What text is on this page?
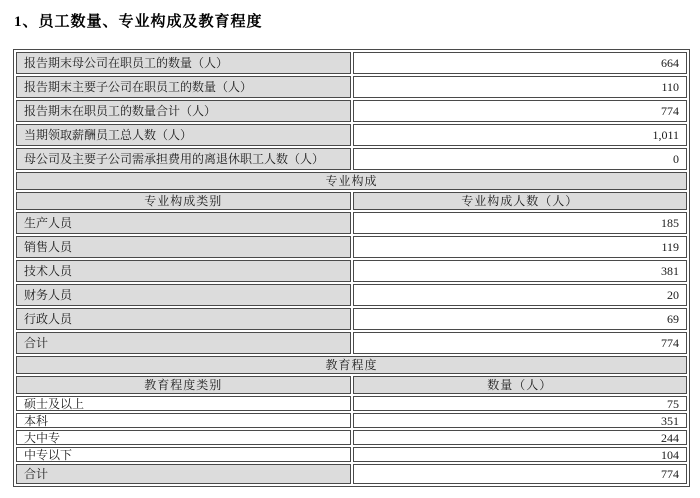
1、员工数量、专业构成及教育程度
报告期末母公司在职员工的数量（人）	664
报告期末主要子公司在职员工的数量（人）	110
报告期末在职员工的数量合计（人）	774
当期领取薪酬员工总人数（人）	1,011
母公司及主要子公司需承担费用的离退休职工人数（人）	0
专业构成	
专业构成类别	专业构成人数（人）
生产人员	185
销售人员	119
技术人员	381
财务人员	20
行政人员	69
合计	774
教育程度	
教育程度类别	数量（人）
硕士及以上	75
本科	351
大中专	244
中专以下	104
合计	774
